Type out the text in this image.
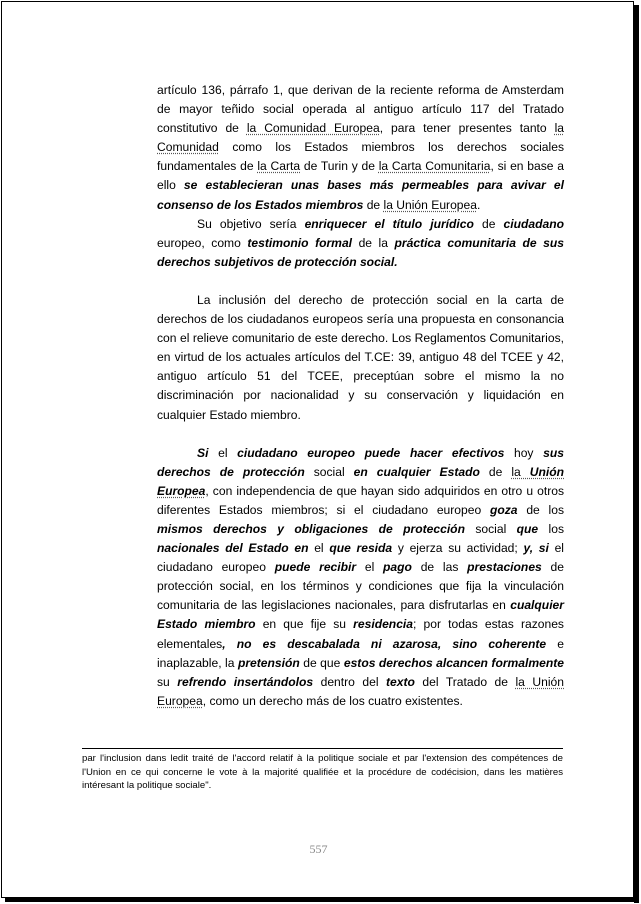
artículo 136, párrafo 1, que derivan de la reciente reforma de Amsterdam de mayor teñido social operada al antiguo artículo 117 del Tratado constitutivo de la Comunidad Europea, para tener presentes tanto la Comunidad como los Estados miembros los derechos sociales fundamentales de la Carta de Turin y de la Carta Comunitaria, si en base a ello se establecieran unas bases más permeables para avivar el consenso de los Estados miembros de la Unión Europea.

Su objetivo sería enriquecer el título jurídico de ciudadano europeo, como testimonio formal de la práctica comunitaria de sus derechos subjetivos de protección social.

La inclusión del derecho de protección social en la carta de derechos de los ciudadanos europeos sería una propuesta en consonancia con el relieve comunitario de este derecho. Los Reglamentos Comunitarios, en virtud de los actuales artículos del T.CE: 39, antiguo 48 del TCEE y 42, antiguo artículo 51 del TCEE, preceptúan sobre el mismo la no discriminación por nacionalidad y su conservación y liquidación en cualquier Estado miembro.

Si el ciudadano europeo puede hacer efectivos hoy sus derechos de protección social en cualquier Estado de la Unión Europea, con independencia de que hayan sido adquiridos en otro u otros diferentes Estados miembros; si el ciudadano europeo goza de los mismos derechos y obligaciones de protección social que los nacionales del Estado en el que resida y ejerza su actividad; y, si el ciudadano europeo puede recibir el pago de las prestaciones de protección social, en los términos y condiciones que fija la vinculación comunitaria de las legislaciones nacionales, para disfrutarlas en cualquier Estado miembro en que fije su residencia; por todas estas razones elementales, no es descabalada ni azarosa, sino coherente e inaplazable, la pretensión de que estos derechos alcancen formalmente su refrendo insertándolos dentro del texto del Tratado de la Unión Europea, como un derecho más de los cuatro existentes.

par l'inclusion dans ledit traité de l'accord relatif à la politique sociale et par l'extension des compétences de l'Union en ce qui concerne le vote à la majorité qualifiée et la procédure de codécision, dans les matières intéresant la politique sociale".
557
